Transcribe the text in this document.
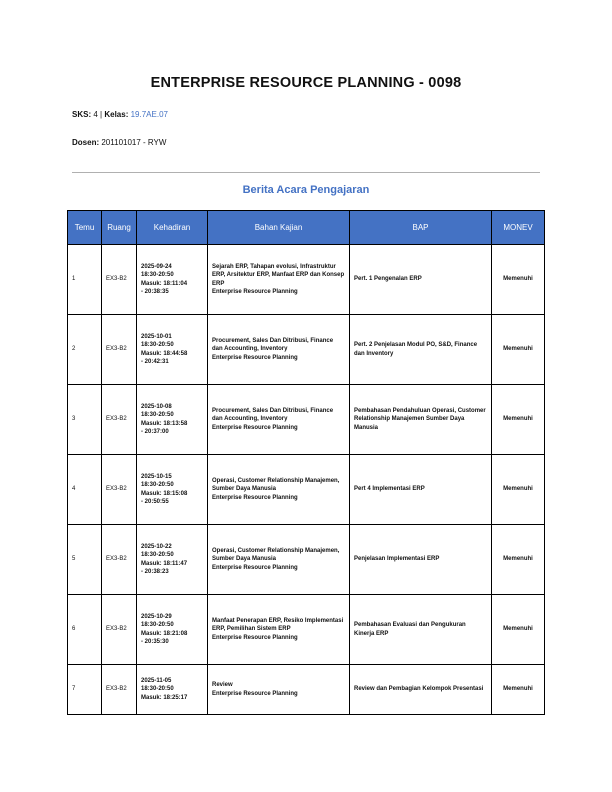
ENTERPRISE RESOURCE PLANNING - 0098
SKS: 4 | Kelas: 19.7AE.07
Dosen: 201101017 - RYW
Berita Acara Pengajaran
Temu	Ruang	Kehadiran	Bahan Kajian	BAP	MONEV
1	EX3-B2	2025-09-24
18:30-20:50
Masuk: 18:11:04
- 20:38:35	Sejarah ERP, Tahapan evolusi, Infrastruktur ERP, Arsitektur ERP, Manfaat ERP dan Konsep ERP
Enterprise Resource Planning	Pert. 1 Pengenalan ERP	Memenuhi
2	EX3-B2	2025-10-01
18:30-20:50
Masuk: 18:44:58
- 20:42:31	Procurement, Sales Dan Ditribusi, Finance dan Accounting, Inventory
Enterprise Resource Planning	Pert. 2 Penjelasan Modul PO, S&D, Finance dan Inventory	Memenuhi
3	EX3-B2	2025-10-08
18:30-20:50
Masuk: 18:13:58
- 20:37:00	Procurement, Sales Dan Ditribusi, Finance dan Accounting, Inventory
Enterprise Resource Planning	Pembahasan Pendahuluan Operasi, Customer Relationship Manajemen Sumber Daya Manusia	Memenuhi
4	EX3-B2	2025-10-15
18:30-20:50
Masuk: 18:15:08
- 20:50:55	Operasi, Customer Relationship Manajemen, Sumber Daya Manusia
Enterprise Resource Planning	Pert 4 Implementasi ERP	Memenuhi
5	EX3-B2	2025-10-22
18:30-20:50
Masuk: 18:11:47
- 20:38:23	Operasi, Customer Relationship Manajemen, Sumber Daya Manusia
Enterprise Resource Planning	Penjelasan Implementasi ERP	Memenuhi
6	EX3-B2	2025-10-29
18:30-20:50
Masuk: 18:21:08
- 20:35:30	Manfaat Penerapan ERP, Resiko Implementasi ERP, Pemilihan Sistem ERP
Enterprise Resource Planning	Pembahasan Evaluasi dan Pengukuran Kinerja ERP	Memenuhi
7	EX3-B2	2025-11-05
18:30-20:50
Masuk: 18:25:17	Review
Enterprise Resource Planning	Review dan Pembagian Kelompok Presentasi	Memenuhi
